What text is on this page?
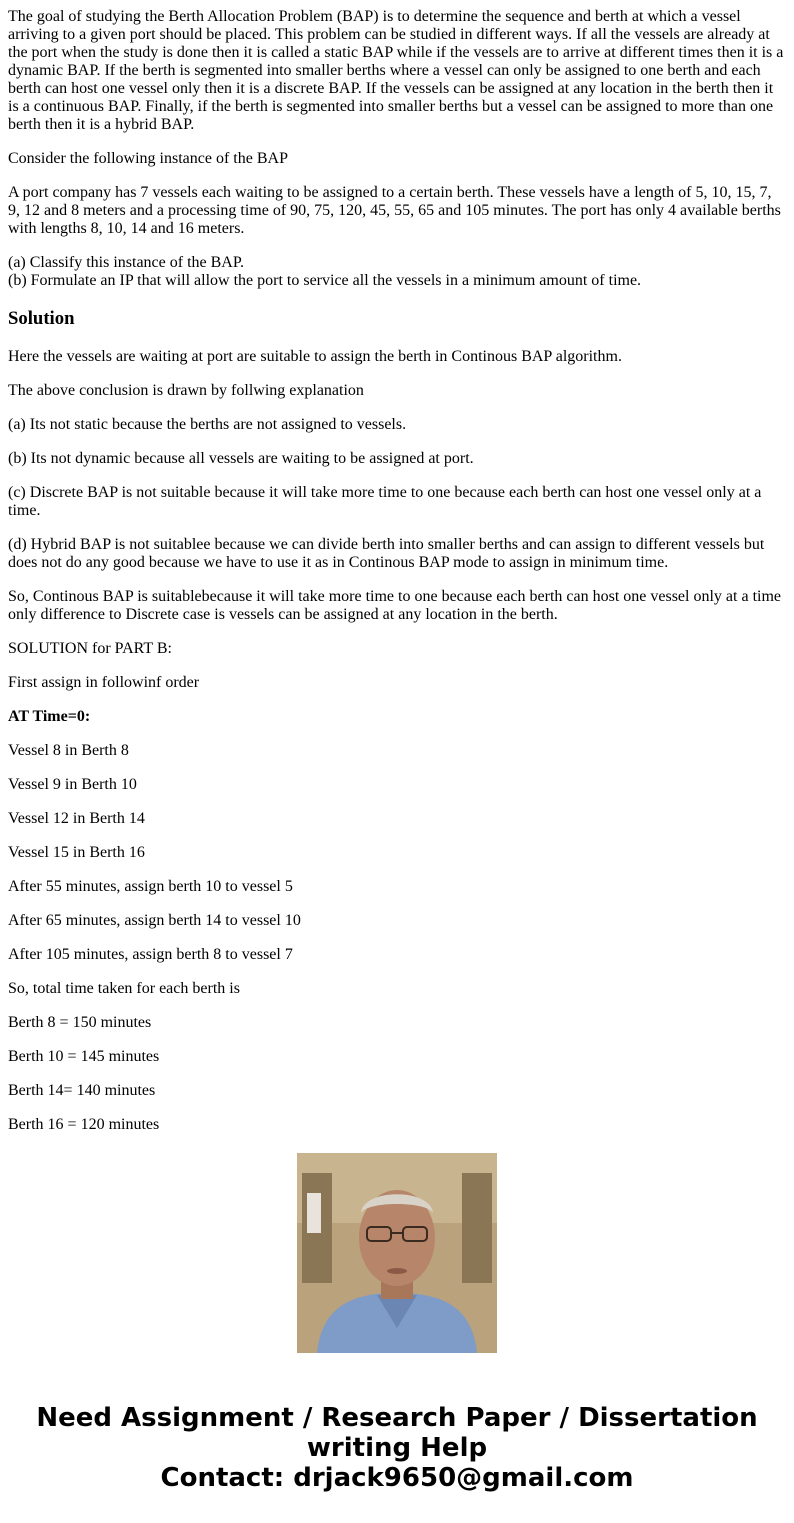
The goal of studying the Berth Allocation Problem (BAP) is to determine the sequence and berth at which a vessel arriving to a given port should be placed. This problem can be studied in different ways. If all the vessels are already at the port when the study is done then it is called a static BAP while if the vessels are to arrive at different times then it is a dynamic BAP. If the berth is segmented into smaller berths where a vessel can only be assigned to one berth and each berth can host one vessel only then it is a discrete BAP. If the vessels can be assigned at any location in the berth then it is a continuous BAP. Finally, if the berth is segmented into smaller berths but a vessel can be assigned to more than one berth then it is a hybrid BAP.

Consider the following instance of the BAP

A port company has 7 vessels each waiting to be assigned to a certain berth. These vessels have a length of 5, 10, 15, 7, 9, 12 and 8 meters and a processing time of 90, 75, 120, 45, 55, 65 and 105 minutes. The port has only 4 available berths with lengths 8, 10, 14 and 16 meters.

(a) Classify this instance of the BAP.
(b) Formulate an IP that will allow the port to service all the vessels in a minimum amount of time.

Solution

Here the vessels are waiting at port are suitable to assign the berth in Continous BAP algorithm.

The above conclusion is drawn by follwing explanation

(a) Its not static because the berths are not assigned to vessels.

(b) Its not dynamic because all vessels are waiting to be assigned at port.

(c) Discrete BAP is not suitable because it will take more time to one because each berth can host one vessel only at a time.

(d) Hybrid BAP is not suitablee because we can divide berth into smaller berths and can assign to different vessels but does not do any good because we have to use it as in Continous BAP mode to assign in minimum time.

So, Continous BAP is suitablebecause it will take more time to one because each berth can host one vessel only at a time only difference to Discrete case is vessels can be assigned at any location in the berth.

SOLUTION for PART B:

First assign in followinf order

AT Time=0:

Vessel 8 in Berth 8

Vessel 9 in Berth 10

Vessel 12 in Berth 14

Vessel 15 in Berth 16

After 55 minutes, assign berth 10 to vessel 5

After 65 minutes, assign berth 14 to vessel 10

After 105 minutes, assign berth 8 to vessel 7

So, total time taken for each berth is

Berth 8 = 150 minutes

Berth 10 = 145 minutes

Berth 14= 140 minutes

Berth 16 = 120 minutes

Need Assignment / Research Paper / Dissertation
writing Help
Contact: drjack9650@gmail.com
